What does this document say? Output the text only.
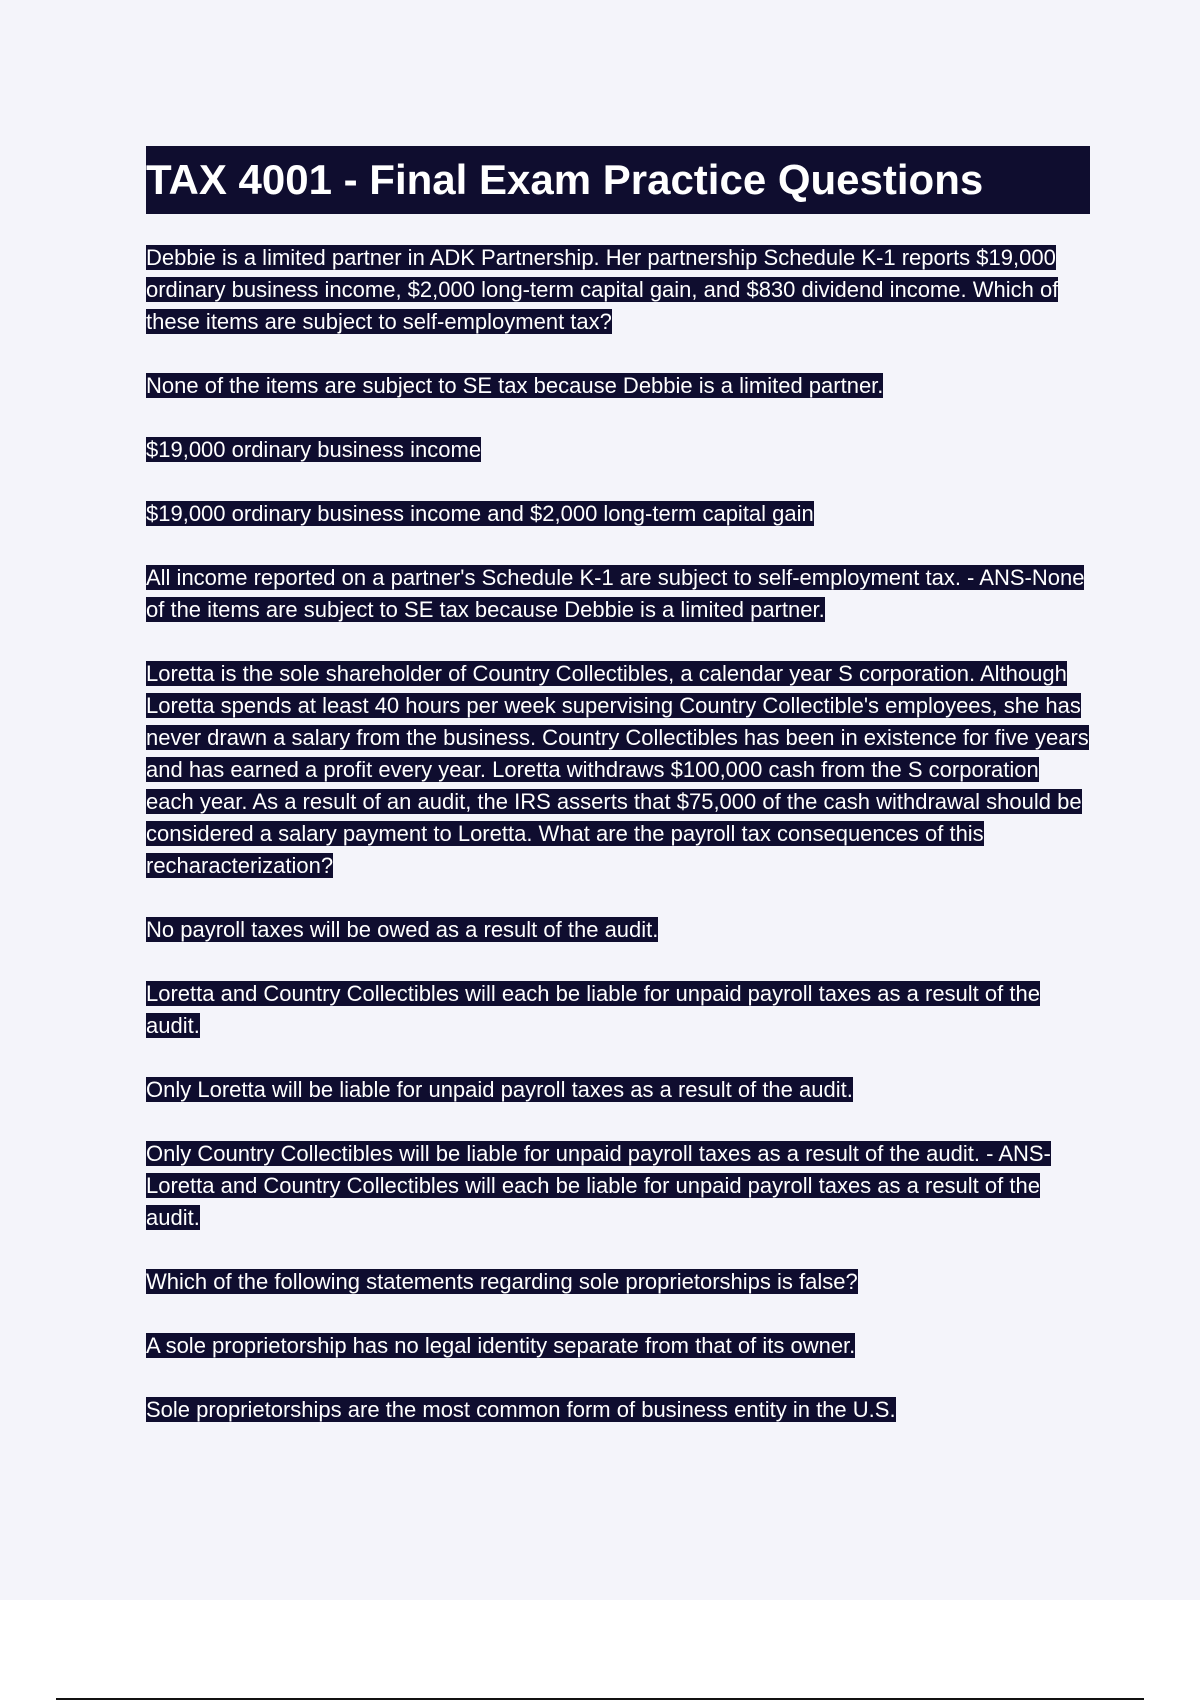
TAX 4001 - Final Exam Practice Questions

Debbie is a limited partner in ADK Partnership. Her partnership Schedule K-1 reports $19,000 ordinary business income, $2,000 long-term capital gain, and $830 dividend income. Which of these items are subject to self-employment tax?

None of the items are subject to SE tax because Debbie is a limited partner.

$19,000 ordinary business income

$19,000 ordinary business income and $2,000 long-term capital gain

All income reported on a partner's Schedule K-1 are subject to self-employment tax. - ANS-None of the items are subject to SE tax because Debbie is a limited partner.

Loretta is the sole shareholder of Country Collectibles, a calendar year S corporation. Although Loretta spends at least 40 hours per week supervising Country Collectible's employees, she has never drawn a salary from the business. Country Collectibles has been in existence for five years and has earned a profit every year. Loretta withdraws $100,000 cash from the S corporation each year. As a result of an audit, the IRS asserts that $75,000 of the cash withdrawal should be considered a salary payment to Loretta. What are the payroll tax consequences of this recharacterization?

No payroll taxes will be owed as a result of the audit.

Loretta and Country Collectibles will each be liable for unpaid payroll taxes as a result of the audit.

Only Loretta will be liable for unpaid payroll taxes as a result of the audit.

Only Country Collectibles will be liable for unpaid payroll taxes as a result of the audit. - ANS-Loretta and Country Collectibles will each be liable for unpaid payroll taxes as a result of the audit.

Which of the following statements regarding sole proprietorships is false?

A sole proprietorship has no legal identity separate from that of its owner.

Sole proprietorships are the most common form of business entity in the U.S.
